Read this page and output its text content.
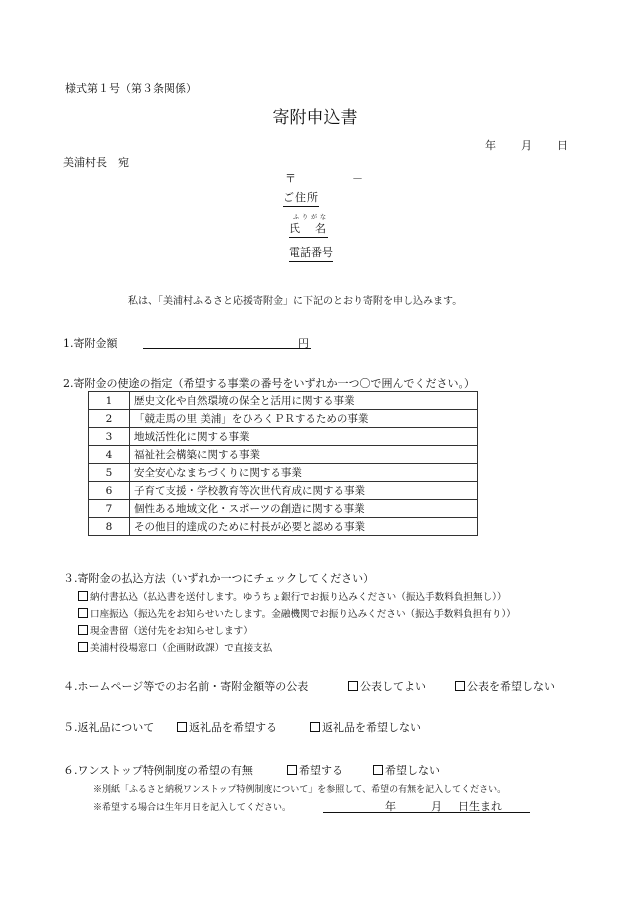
様式第１号（第３条関係）
寄附申込書
年 月 日
美浦村長　宛
〒	－
ご住所
ふりがな
氏　名
電話番号
私は、「美浦村ふるさと応援寄附金」に下記のとおり寄附を申し込みます。
1.寄附金額	円
2.寄附金の使途の指定（希望する事業の番号をいずれか一つ〇で囲んでください。）
1	歴史文化や自然環境の保全と活用に関する事業
2	「競走馬の里 美浦」をひろくＰＲするための事業
3	地域活性化に関する事業
4	福祉社会構築に関する事業
5	安全安心なまちづくりに関する事業
6	子育て支援・学校教育等次世代育成に関する事業
7	個性ある地域文化・スポーツの創造に関する事業
8	その他目的達成のために村長が必要と認める事業
３.寄附金の払込方法（いずれか一つにチェックしてください）
納付書払込（払込書を送付します。ゆうちょ銀行でお振り込みください（振込手数料負担無し））
口座振込（振込先をお知らせいたします。金融機関でお振り込みください（振込手数料負担有り））
現金書留（送付先をお知らせします）
美浦村役場窓口（企画財政課）で直接支払
４.ホームページ等でのお名前・寄附金額等の公表	公表してよい	公表を希望しない
５.返礼品について	返礼品を希望する	返礼品を希望しない
６.ワンストップ特例制度の希望の有無	希望する	希望しない
※別紙「ふるさと納税ワンストップ特例制度について」を参照して、希望の有無を記入してください。
※希望する場合は生年月日を記入してください。	年	月 日生まれ
